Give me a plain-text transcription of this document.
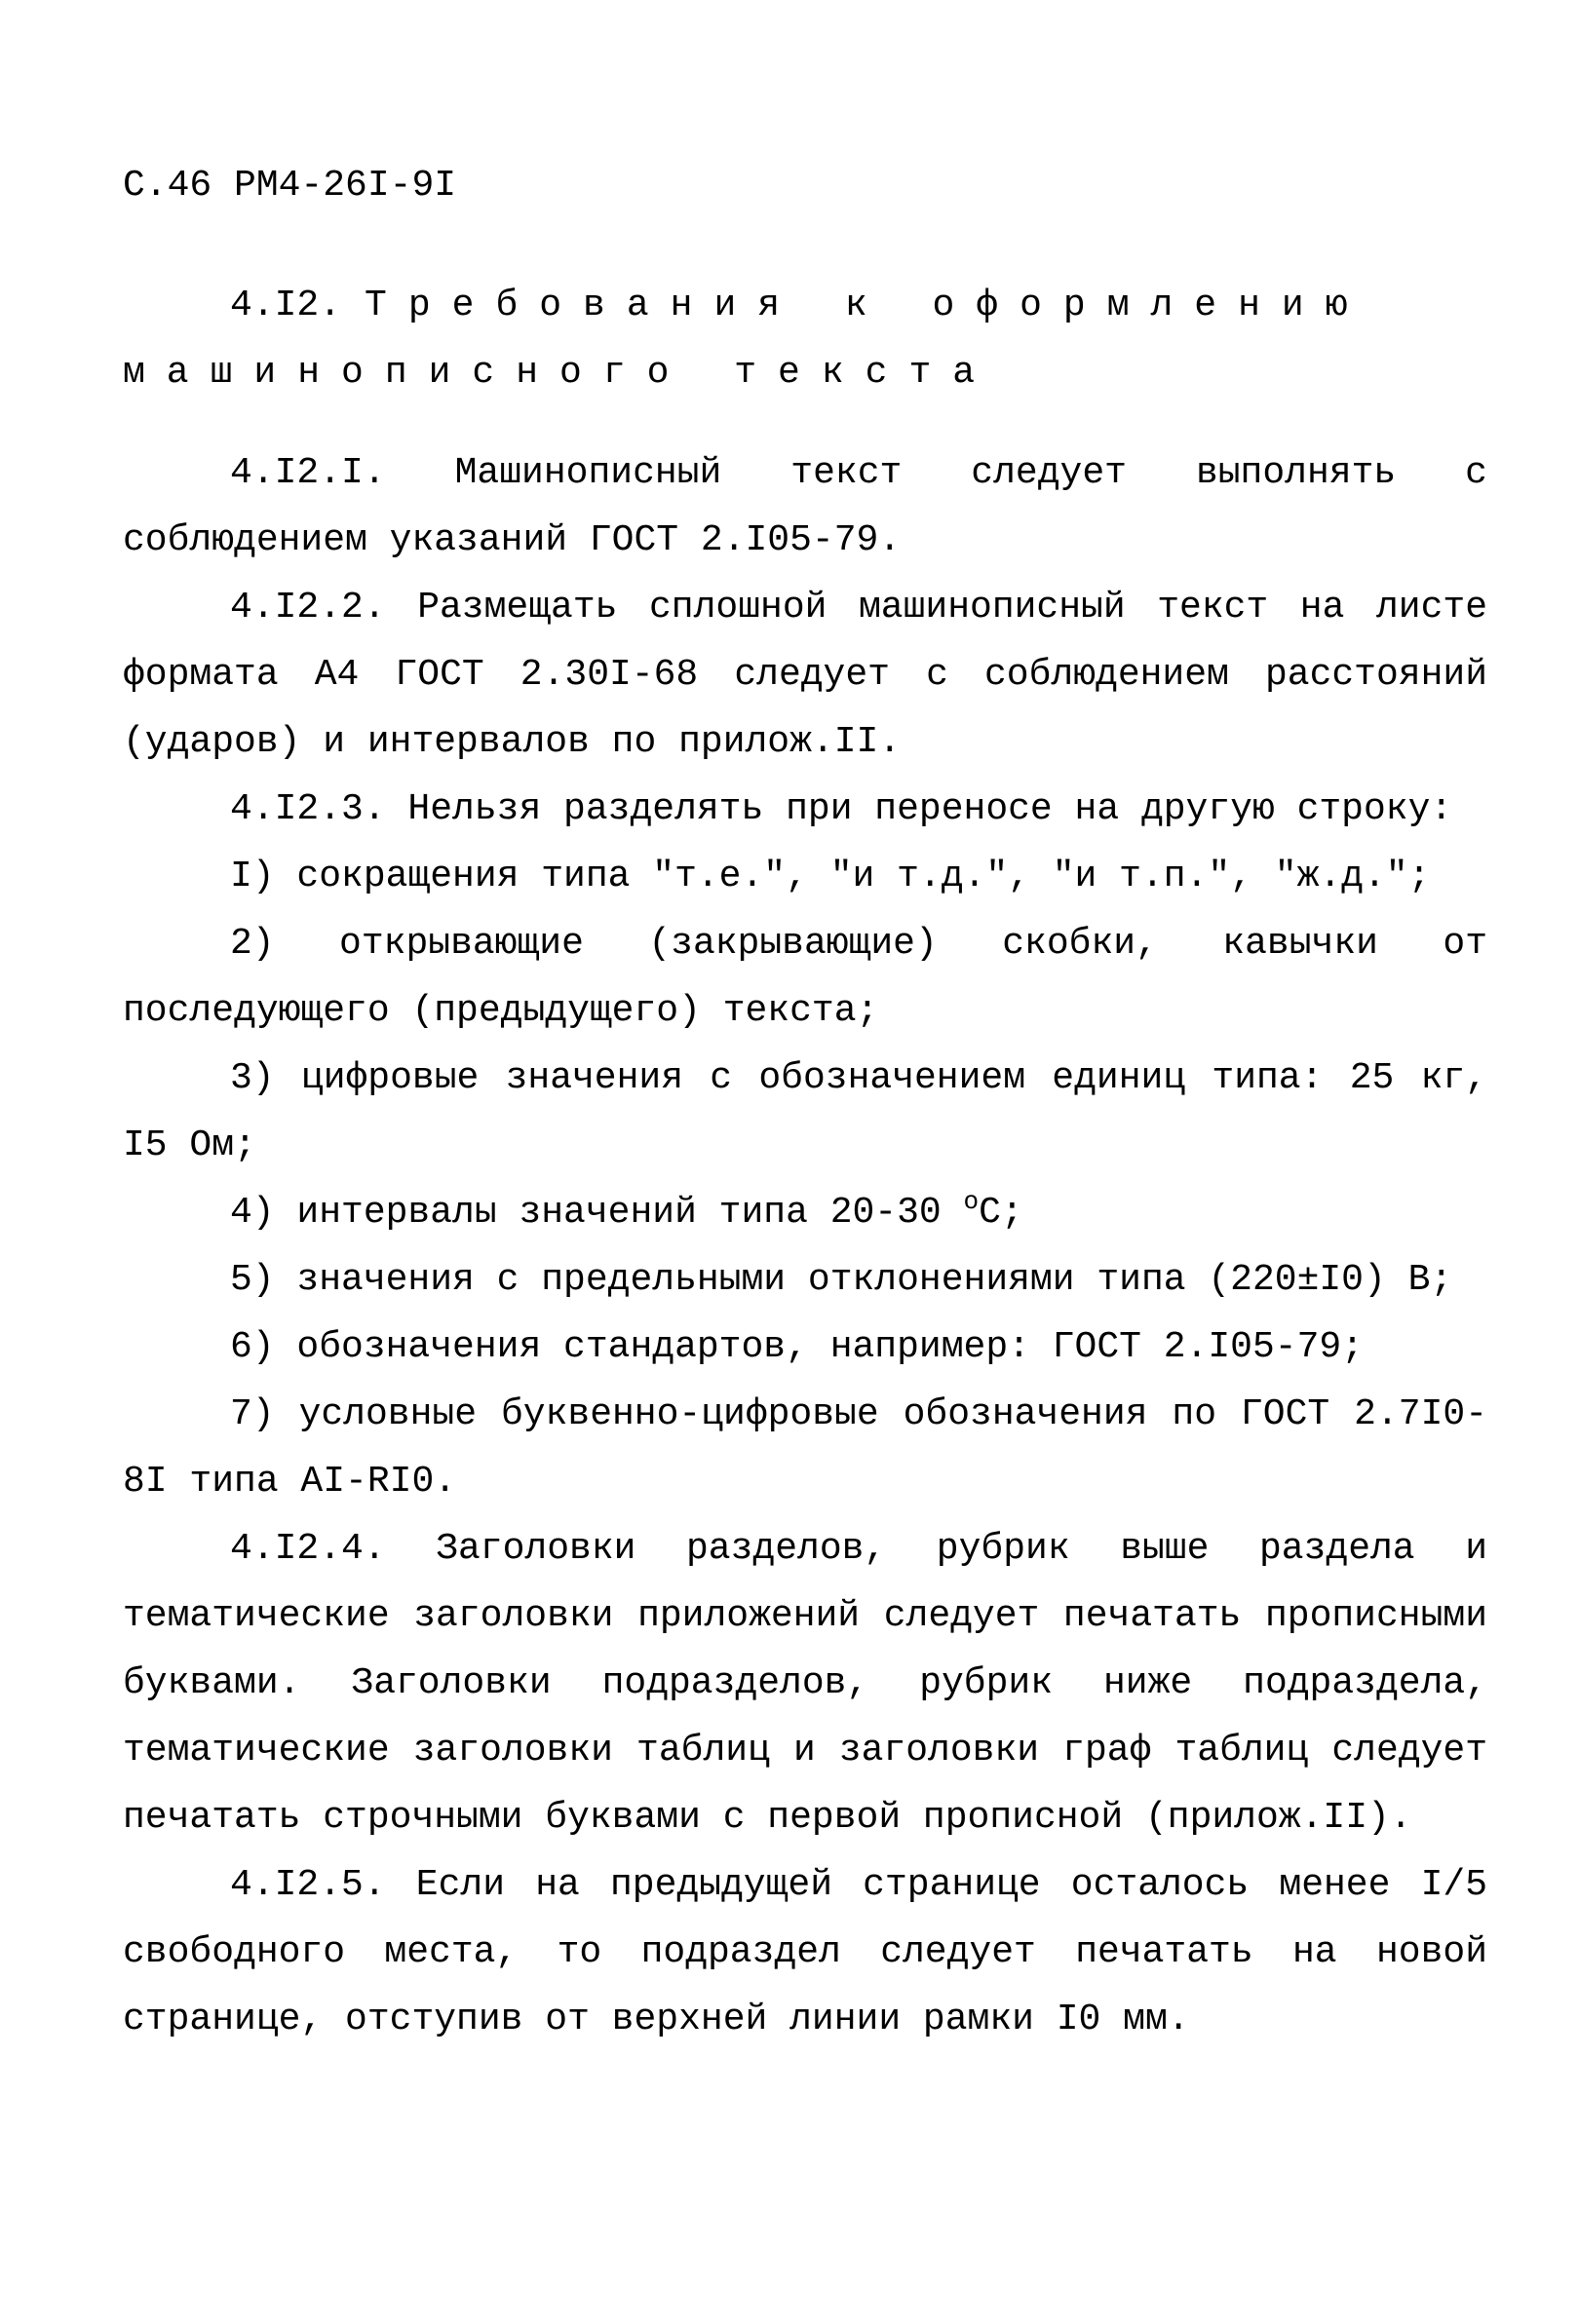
С.46 РМ4-26I-9I
4.I2. Требования к оформлению
машинописного текста

4.I2.I. Машинописный текст следует выполнять с соблюдением указаний ГОСТ 2.I05-79.

4.I2.2. Размещать сплошной машинописный текст на листе формата А4 ГОСТ 2.30I-68 следует с соблюдением расстояний (ударов) и интервалов по прилож.II.

4.I2.3. Нельзя разделять при переносе на другую строку:

I) сокращения типа "т.е.", "и т.д.", "и т.п.", "ж.д.";

2) открывающие (закрывающие) скобки, кавычки от последующего (предыдущего) текста;

3) цифровые значения с обозначением единиц типа: 25 кг, I5 Ом;

4) интервалы значений типа 20-30 $^о$С;

5) значения с предельными отклонениями типа (220±I0) В;

6) обозначения стандартов, например: ГОСТ 2.I05-79;

7) условные буквенно-цифровые обозначения по ГОСТ 2.7I0-8I типа АI-RI0.

4.I2.4. Заголовки разделов, рубрик выше раздела и тематические заголовки приложений следует печатать прописными буквами. Заголовки подразделов, рубрик ниже подраздела, тематические заголовки таблиц и заголовки граф таблиц следует печатать строчными буквами с первой прописной (прилож.II).

4.I2.5. Если на предыдущей странице осталось менее I/5 свободного места, то подраздел следует печатать на новой странице, отступив от верхней линии рамки I0 мм.
